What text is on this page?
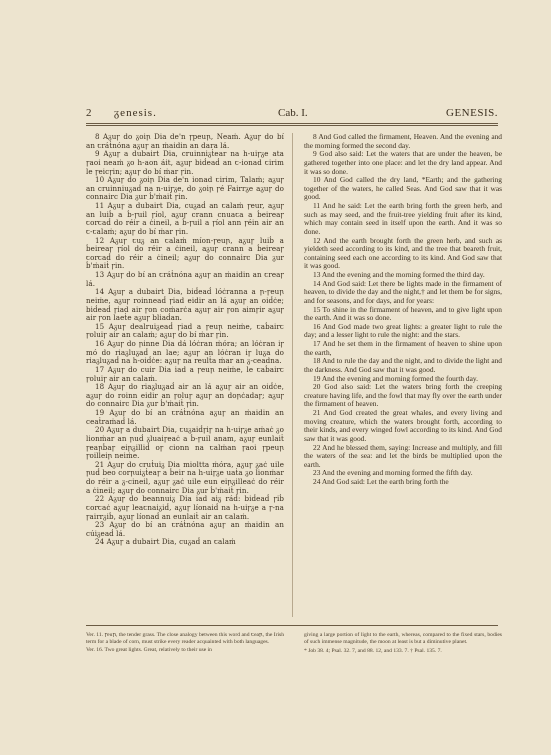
2 ᵹenesis.	Cab. I.	GENESIS.

8 Aᵹuꞅ do ᵹoiꞃ Dia de'n ꞅpeuꞃ, Neaṁ. Aᵹuꞅ do bí an ꞇráṫnóna aᵹuꞅ an ṁaidin an dara lá.

9 Aᵹuꞅ a dubairt Dia, cruinniᵹṫear na h-uiꞅᵹe ata ꞅaoi neaṁ ᵹo h-aon áit, aᵹuꞅ biḋeaḋ an ꞇ-ionad ꞇirim le ꞅeicꞅin; aᵹuꞅ do bí ṁar ꞅin.

10 Aᵹuꞅ do ᵹoiꞃ Dia de'n ionad ꞇirim, Talaṁ; aᵹuꞅ an cruinniuᵹaḋ na n-uiꞅᵹe, do ᵹoiꞃ ꞅé Fairrᵹe aᵹuꞅ do connairc Dia ᵹur ḃ'ṁaiṫ ꞅin.

11 Aᵹuꞅ a dubairt Dia, cuᵹaḋ an ꞇalaṁ ꞅeur, aᵹuꞅ an luiḃ a ḃ-ꞅuil ꞅíol, aᵹuꞅ crann cnuaꞇa a ḃeireaꞅ ꞇorꞇaḋ do réir a ċineil, a ḃ-ꞅuil a ꞅíol ann ꞅéin air an ꞇ-ꞇalaṁ; aᵹuꞅ do bí ṁar ꞅin.

12 Aᵹuꞅ ꞇuᵹ an ꞇalaṁ míon-ꞅeuꞃ, aᵹuꞅ luiḃ a ḃeireaꞅ ꞅíol do réir a ċineil, aᵹuꞅ crann a ḃeireaꞅ ꞇorꞇaḋ do réir a ċineil; aᵹuꞅ do connairc Dia ᵹur ḃ'ṁaiṫ ꞅin.

13 Aᵹuꞅ do bí an ꞇráṫnóna aᵹuꞅ an ṁaidin an ꞇreaꞅ lá.

14 Aᵹuꞅ a dubairt Dia, biḋeaḋ lóċranna a ꞃ-ꞅeuꞃ neiṁe, aᵹuꞅ roinneaḋ ꞅiad eidir an lá aᵹuꞅ an oiḋċe; biḋeaḋ ꞅiad air ꞅon coṁarċa aᵹuꞅ air ꞅon aimꞅir aᵹuꞅ air ꞅon laeṫe aᵹuꞅ bliaḋan.

15 Aᵹuꞅ dealruiᵹeaḋ ꞅiad a ꞅeuꞃ neiṁe, ꞇaḃairꞇ ꞅoluiꞅ air an ꞇalaṁ; aᵹuꞅ do bí ṁar ꞅin.

16 Aᵹuꞅ do ꞃinne Dia dá lóċran ṁóra; an lóċran iꞅ mó do riaᵹluᵹaḋ an lae; aᵹuꞅ an lóċran iꞅ luᵹa do riaᵹluᵹaḋ na h-oiḋċe: aᵹuꞅ na reulṫa ṁar an ᵹ-ceadna.

17 Aᵹuꞅ do cuir Dia iad a ꞅeuꞃ neiṁe, le ꞇaḃairꞇ ꞅoluiꞅ air an ꞇalaṁ.

18 Aᵹuꞅ do riaᵹluᵹaḋ air an lá aᵹuꞅ air an oiḋċe, aᵹuꞅ do roinn eidir an ꞅoluꞅ aᵹuꞅ an doꞃċadaꞅ; aᵹuꞅ do connairc Dia ᵹur ḃ'ṁaiṫ ꞅin.

19 Aᵹuꞅ do bí an ꞇráṫnóna aᵹuꞅ an ṁaidin an ceaṫraṁaḋ lá.

20 Aᵹuꞅ a dubairt Dia, ꞇuᵹaiḋꞅiꞅ na h-uiꞅᵹe aṁaċ ᵹo lionṁar an ꞃuḋ ᵹluaiꞅeaċ a ḃ-ꞅuil anam, aᵹuꞅ eunlaiṫ ꞅeaꞃḃaꞅ eiꞃᵹilliḋ oꞅ cionn na ꞇalṁan ꞅaoi ꞅpeuꞃ ꞅoilleiꞃ neiṁe.

21 Aᵹuꞅ do cruṫuiᵹ Dia mioltta ṁóra, aᵹuꞅ ᵹaċ uile ꞃuḋ beo corꞃuiᵹṫeaꞅ a ḃeir na h-uiꞅᵹe uaṫa ᵹo lionṁar do réir a ᵹ-cineil, aᵹuꞅ ᵹaċ uile eun eiꞃᵹilleaċ do réir a ċineil; aᵹuꞅ do connairc Dia ᵹur ḃ'ṁaiṫ ꞅin.

22 Aᵹuꞅ do beannuiᵹ Dia iad aiᵹ ráḋ: biḋeaḋ ꞅiḃ ꞇorꞇaċ aᵹuꞅ leaꞇnaiᵹiḋ, aᵹuꞅ líonaiḋ na h-uiꞅᵹe a ꞅ-na ꞅairrᵹiḃ, aᵹuꞅ líonaḋ an eunlaiṫ air an ꞇalaṁ.

23 Aᵹuꞅ do bí an ꞇráṫnóna aᵹuꞅ an ṁaidin an cúiᵹeaḋ lá.

24 Aᵹuꞅ a dubairt Dia, cuᵹaḋ an ꞇalaṁ

8 And God called the firmament, Heaven. And the evening and the morning formed the second day.

9 God also said: Let the waters that are under the heaven, be gathered together into one place: and let the dry land appear. And it was so done.

10 And God called the dry land, *Earth; and the gathering together of the waters, he called Seas. And God saw that it was good.

11 And he said: Let the earth bring forth the green herb, and such as may seed, and the fruit-tree yielding fruit after its kind, which may contain seed in itself upon the earth. And it was so done.

12 And the earth brought forth the green herb, and such as yieldeth seed according to its kind, and the tree that beareth fruit, containing seed each one according to its kind. And God saw that it was good.

13 And the evening and the morning formed the third day.

14 And God said: Let there be lights made in the firmament of heaven, to divide the day and the night,† and let them be for signs, and for seasons, and for days, and for years:

15 To shine in the firmament of heaven, and to give light upon the earth. And it was so done.

16 And God made two great lights: a greater light to rule the day; and a lesser light to rule the night: and the stars.

17 And he set them in the firmament of heaven to shine upon the earth,

18 And to rule the day and the night, and to divide the light and the darkness. And God saw that it was good.

19 And the evening and morning formed the fourth day.

20 God also said: Let the waters bring forth the creeping creature having life, and the fowl that may fly over the earth under the firmament of heaven.

21 And God created the great whales, and every living and moving creature, which the waters brought forth, according to their kinds, and every winged fowl according to its kind. And God saw that it was good.

22 And he blessed them, saying: Increase and multiply, and fill the waters of the sea: and let the birds be multiplied upon the earth.

23 And the evening and morning formed the fifth day.

24 And God said: Let the earth bring forth the

Ver. 11. ꞅeuꞃ, the tender grass. The close analogy between this word and ꞇeaꞃ, the Irish term for a blade of corn, must strike every reader acquainted with both languages.

Ver. 16. Two great lights. Great, relatively to their use in

giving a large portion of light to the earth, whereas, compared to the fixed stars, bodies of such immense magnitude, the moon at least is but a diminutive planet.

* Job 38. 4; Psal. 32. 7, and 88. 12, and 133. 7. † Psal. 135. 7.
